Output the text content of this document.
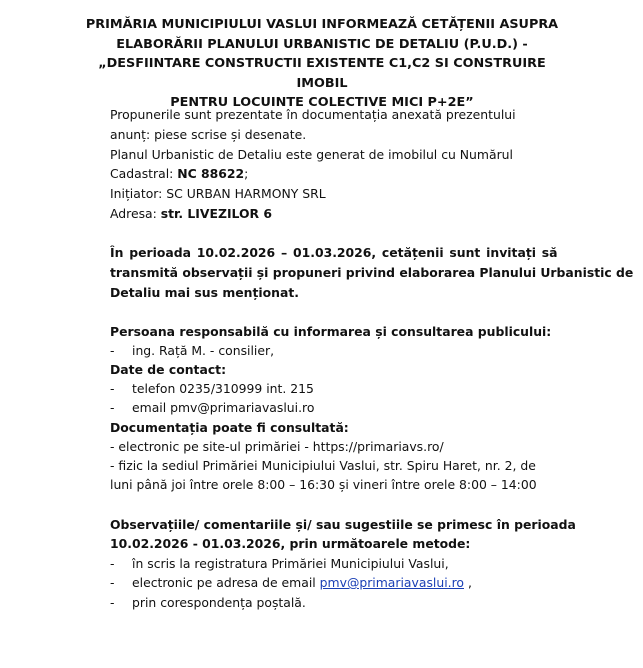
PRIMĂRIA MUNICIPIULUI VASLUI INFORMEAZĂ CETĂȚENII ASUPRA
ELABORĂRII PLANULUI URBANISTIC DE DETALIU (P.U.D.) -
„DESFIINTARE CONSTRUCTII EXISTENTE C1,C2 SI CONSTRUIRE IMOBIL
PENTRU LOCUINTE COLECTIVE MICI P+2E”
Propunerile sunt prezentate în documentația anexată prezentului
anunț: piese scrise și desenate.
Planul Urbanistic de Detaliu este generat de imobilul cu Numărul
Cadastral: NC 88622;
Inițiator: SC URBAN HARMONY SRL
Adresa: str. LIVEZILOR 6
În perioada 10.02.2026 – 01.03.2026, cetățenii sunt invitați să
transmită observații și propuneri privind elaborarea Planului Urbanistic de
Detaliu mai sus menționat.
Persoana responsabilă cu informarea și consultarea publicului:
- ing. Rață M. - consilier,
Date de contact:
- telefon 0235/310999 int. 215
- email pmv@primariavaslui.ro
Documentația poate fi consultată:
- electronic pe site-ul primăriei - https://primariavs.ro/
- fizic la sediul Primăriei Municipiului Vaslui, str. Spiru Haret, nr. 2, de
luni până joi între orele 8:00 – 16:30 și vineri între orele 8:00 – 14:00
Observațiile/ comentariile și/ sau sugestiile se primesc în perioada
10.02.2026 - 01.03.2026, prin următoarele metode:
- în scris la registratura Primăriei Municipiului Vaslui,
- electronic pe adresa de email pmv@primariavaslui.ro ,
- prin corespondența poștală.
